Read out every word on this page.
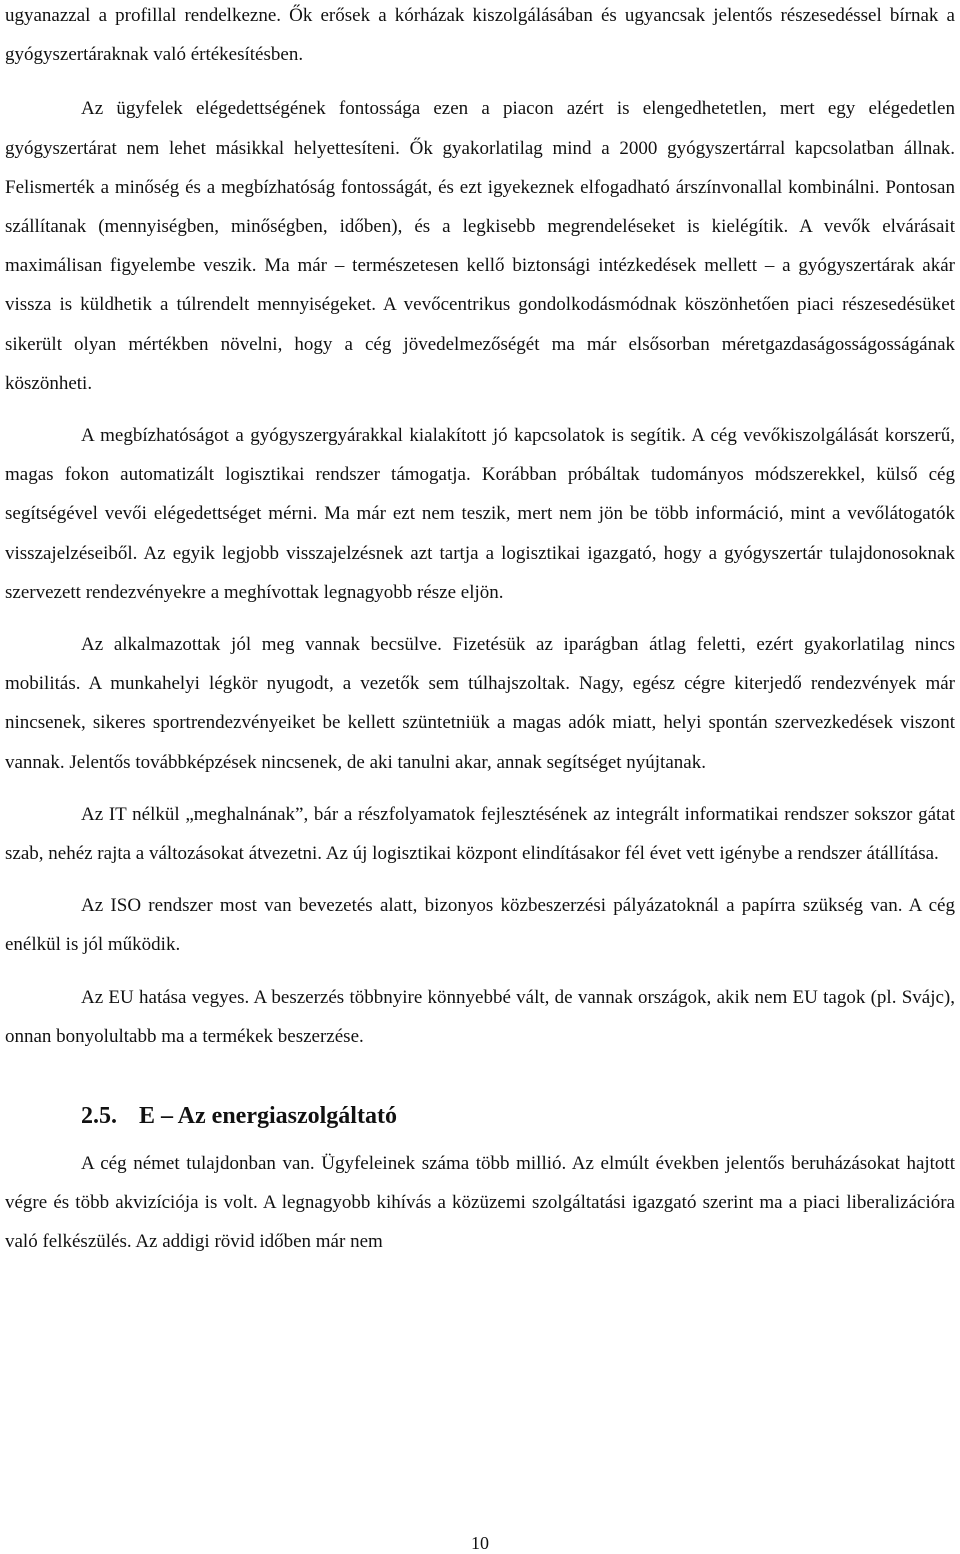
ugyanazzal a profillal rendelkezne. Ők erősek a kórházak kiszolgálásában és ugyancsak jelentős részesedéssel bírnak a gyógyszertáraknak való értékesítésben.

Az ügyfelek elégedettségének fontossága ezen a piacon azért is elengedhetetlen, mert egy elégedetlen gyógyszertárat nem lehet másikkal helyettesíteni. Ők gyakorlatilag mind a 2000 gyógyszertárral kapcsolatban állnak. Felismerték a minőség és a megbízhatóság fontosságát, és ezt igyekeznek elfogadható árszínvonallal kombinálni. Pontosan szállítanak (mennyiségben, minőségben, időben), és a legkisebb megrendeléseket is kielégítik. A vevők elvárásait maximálisan figyelembe veszik. Ma már – természetesen kellő biztonsági intézkedések mellett – a gyógyszertárak akár vissza is küldhetik a túlrendelt mennyiségeket. A vevőcentrikus gondolkodásmódnak köszönhetően piaci részesedésüket sikerült olyan mértékben növelni, hogy a cég jövedelmezőségét ma már elsősorban méretgazdaságosságosságának köszönheti.

A megbízhatóságot a gyógyszergyárakkal kialakított jó kapcsolatok is segítik. A cég vevőkiszolgálását korszerű, magas fokon automatizált logisztikai rendszer támogatja. Korábban próbáltak tudományos módszerekkel, külső cég segítségével vevői elégedettséget mérni. Ma már ezt nem teszik, mert nem jön be több információ, mint a vevőlátogatók visszajelzéseiből. Az egyik legjobb visszajelzésnek azt tartja a logisztikai igazgató, hogy a gyógyszertár tulajdonosoknak szervezett rendezvényekre a meghívottak legnagyobb része eljön.

Az alkalmazottak jól meg vannak becsülve. Fizetésük az iparágban átlag feletti, ezért gyakorlatilag nincs mobilitás. A munkahelyi légkör nyugodt, a vezetők sem túlhajszoltak. Nagy, egész cégre kiterjedő rendezvények már nincsenek, sikeres sportrendezvényeiket be kellett szüntetniük a magas adók miatt, helyi spontán szervezkedések viszont vannak. Jelentős továbbképzések nincsenek, de aki tanulni akar, annak segítséget nyújtanak.

Az IT nélkül „meghalnának”, bár a részfolyamatok fejlesztésének az integrált informatikai rendszer sokszor gátat szab, nehéz rajta a változásokat átvezetni. Az új logisztikai központ elindításakor fél évet vett igénybe a rendszer átállítása.

Az ISO rendszer most van bevezetés alatt, bizonyos közbeszerzési pályázatoknál a papírra szükség van. A cég enélkül is jól működik.

Az EU hatása vegyes. A beszerzés többnyire könnyebbé vált, de vannak országok, akik nem EU tagok (pl. Svájc), onnan bonyolultabb ma a termékek beszerzése.

2.5. E – Az energiaszolgáltató

A cég német tulajdonban van. Ügyfeleinek száma több millió. Az elmúlt években jelentős beruházásokat hajtott végre és több akvizíciója is volt. A legnagyobb kihívás a közüzemi szolgáltatási igazgató szerint ma a piaci liberalizációra való felkészülés. Az addigi rövid időben már nem

10
